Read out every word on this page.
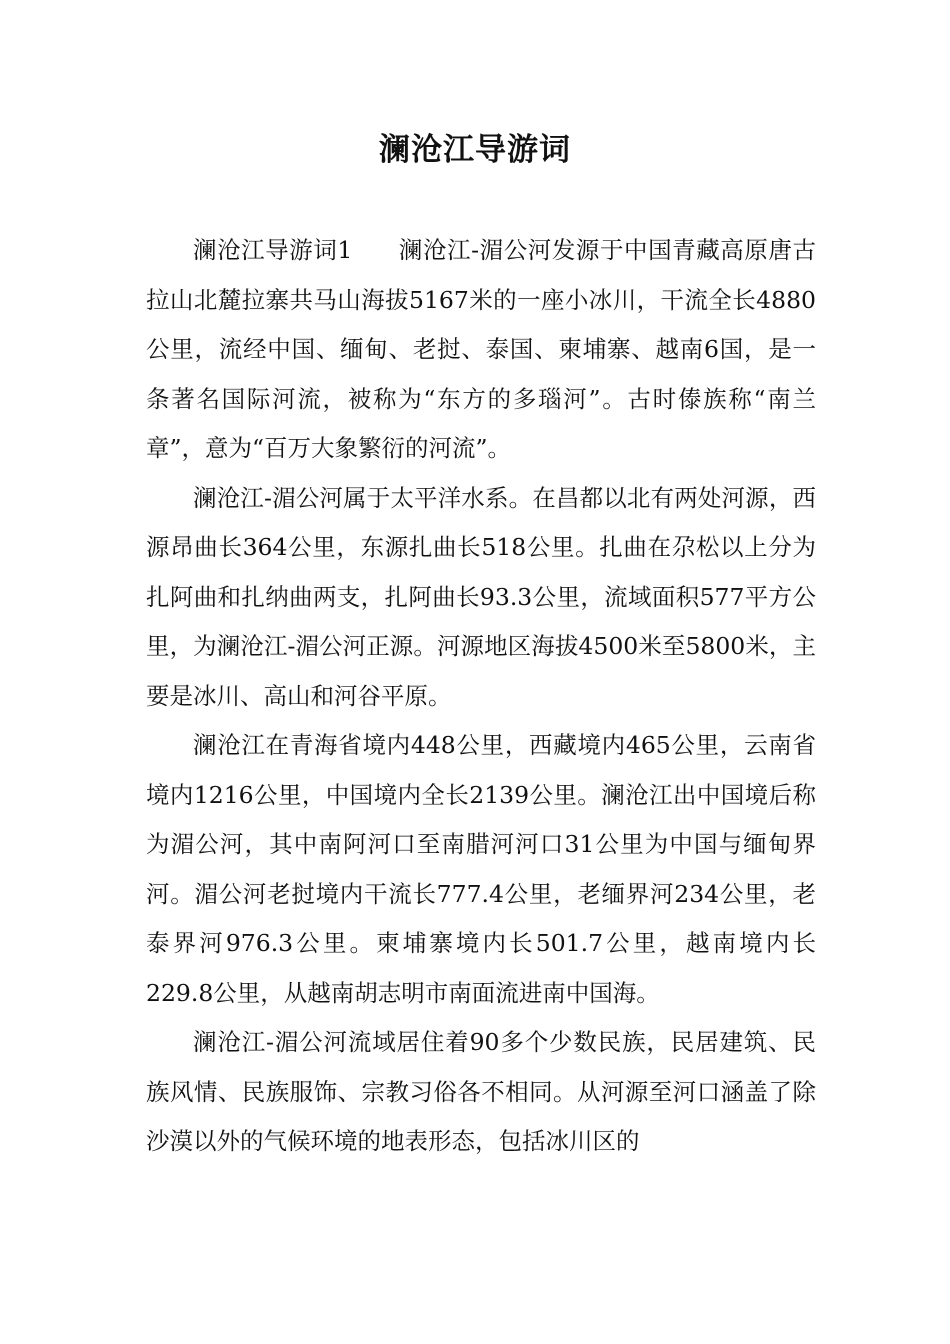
澜沧江导游词

澜沧江导游词1 澜沧江-湄公河发源于中国青藏高原唐古拉山北麓拉寨共马山海拔5167米的一座小冰川，干流全长4880公里，流经中国、缅甸、老挝、泰国、柬埔寨、越南6国，是一条著名国际河流，被称为“东方的多瑙河”。古时傣族称“南兰章”，意为“百万大象繁衍的河流”。

澜沧江-湄公河属于太平洋水系。在昌都以北有两处河源，西源昂曲长364公里，东源扎曲长518公里。扎曲在尕松以上分为扎阿曲和扎纳曲两支，扎阿曲长93.3公里，流域面积577平方公里，为澜沧江-湄公河正源。河源地区海拔4500米至5800米，主要是冰川、高山和河谷平原。

澜沧江在青海省境内448公里，西藏境内465公里，云南省境内1216公里，中国境内全长2139公里。澜沧江出中国境后称为湄公河，其中南阿河口至南腊河河口31公里为中国与缅甸界河。湄公河老挝境内干流长777.4公里，老缅界河234公里，老泰界河976.3公里。柬埔寨境内长501.7公里，越南境内长229.8公里，从越南胡志明市南面流进南中国海。

澜沧江-湄公河流域居住着90多个少数民族，民居建筑、民族风情、民族服饰、宗教习俗各不相同。从河源至河口涵盖了除沙漠以外的气候环境的地表形态，包括冰川区的
